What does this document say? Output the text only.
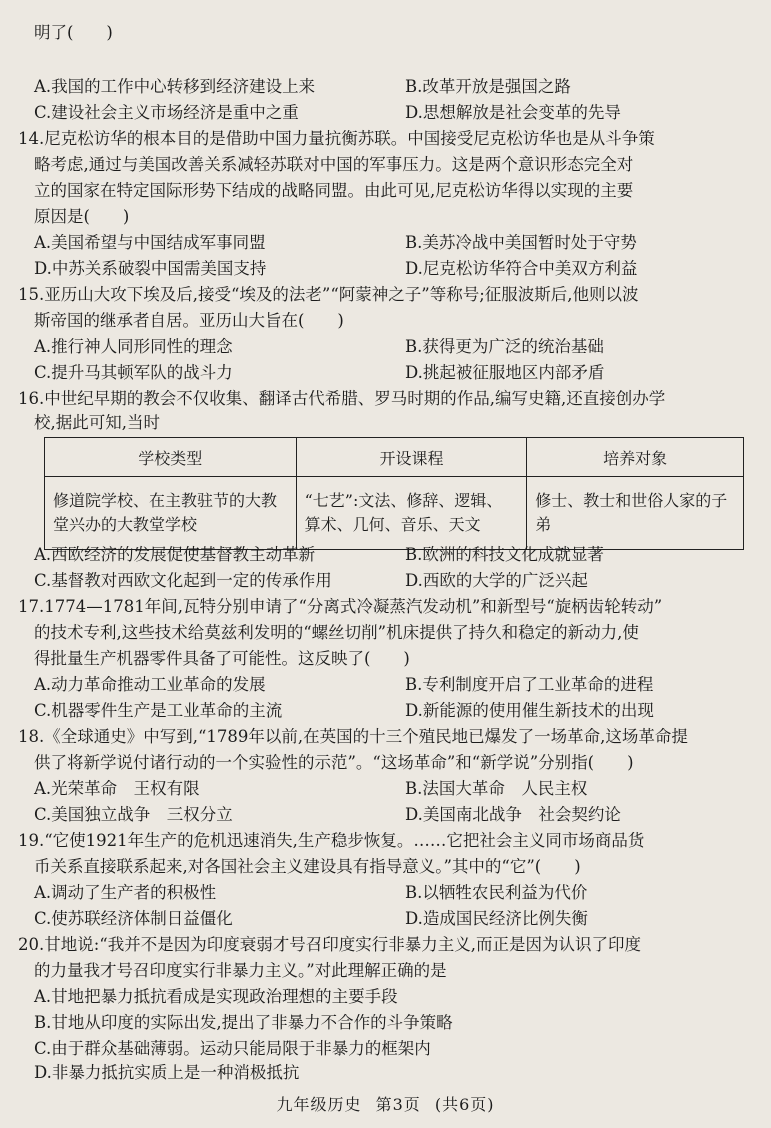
明了(　　)
A.我国的工作中心转移到经济建设上来	B.改革开放是强国之路
C.建设社会主义市场经济是重中之重	D.思想解放是社会变革的先导
14.尼克松访华的根本目的是借助中国力量抗衡苏联。中国接受尼克松访华也是从斗争策
略考虑,通过与美国改善关系减轻苏联对中国的军事压力。这是两个意识形态完全对
立的国家在特定国际形势下结成的战略同盟。由此可见,尼克松访华得以实现的主要
原因是(　　)
A.美国希望与中国结成军事同盟	B.美苏冷战中美国暂时处于守势
D.中苏关系破裂中国需美国支持	D.尼克松访华符合中美双方利益
15.亚历山大攻下埃及后,接受“埃及的法老”“阿蒙神之子”等称号;征服波斯后,他则以波
斯帝国的继承者自居。亚历山大旨在(　　)
A.推行神人同形同性的理念	B.获得更为广泛的统治基础
C.提升马其顿军队的战斗力	D.挑起被征服地区内部矛盾
16.中世纪早期的教会不仅收集、翻译古代希腊、罗马时期的作品,编写史籍,还直接创办学
校,据此可知,当时
学校类型	开设课程	培养对象
修道院学校、在主教驻节的大教堂兴办的大教堂学校	“七艺”:文法、修辞、逻辑、算术、几何、音乐、天文	修士、教士和世俗人家的子弟
A.西欧经济的发展促使基督教主动革新	B.欧洲的科技文化成就显著
C.基督教对西欧文化起到一定的传承作用	D.西欧的大学的广泛兴起
17.1774—1781年间,瓦特分别申请了“分离式冷凝蒸汽发动机”和新型号“旋柄齿轮转动”
的技术专利,这些技术给莫兹利发明的“螺丝切削”机床提供了持久和稳定的新动力,使
得批量生产机器零件具备了可能性。这反映了(　　)
A.动力革命推动工业革命的发展	B.专利制度开启了工业革命的进程
C.机器零件生产是工业革命的主流	D.新能源的使用催生新技术的出现
18.《全球通史》中写到,“1789年以前,在英国的十三个殖民地已爆发了一场革命,这场革命提
供了将新学说付诸行动的一个实验性的示范”。“这场革命”和“新学说”分别指(　　)
A.光荣革命　王权有限	B.法国大革命　人民主权
C.美国独立战争　三权分立	D.美国南北战争　社会契约论
19.“它使1921年生产的危机迅速消失,生产稳步恢复。……它把社会主义同市场商品货
币关系直接联系起来,对各国社会主义建设具有指导意义。”其中的“它”(　　)
A.调动了生产者的积极性	B.以牺牲农民利益为代价
C.使苏联经济体制日益僵化	D.造成国民经济比例失衡
20.甘地说:“我并不是因为印度衰弱才号召印度实行非暴力主义,而正是因为认识了印度
的力量我才号召印度实行非暴力主义。”对此理解正确的是
A.甘地把暴力抵抗看成是实现政治理想的主要手段
B.甘地从印度的实际出发,提出了非暴力不合作的斗争策略
C.由于群众基础薄弱。运动只能局限于非暴力的框架内
D.非暴力抵抗实质上是一种消极抵抗
九年级历史 第3页 (共6页)
